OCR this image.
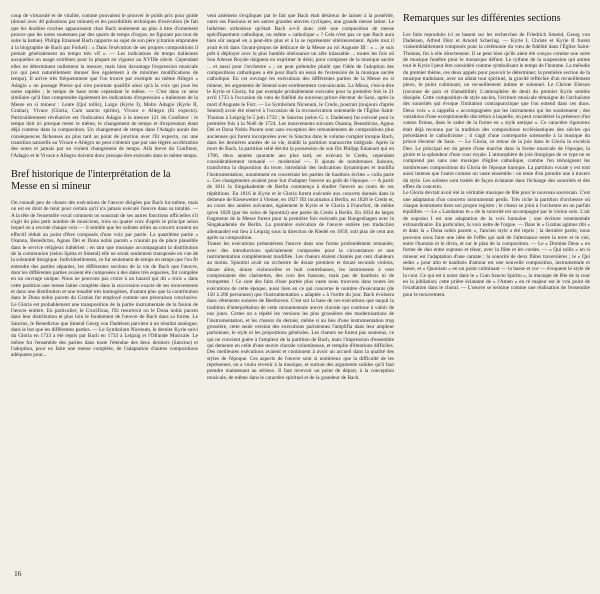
coup de virtuosité et de vitalité, comme pouvaient le prouver le poids prix pour guide (donné avec 40 pulsations par minute) et les possibilités techniques d'exécution (le fait que les doubles croches apparaissent chez Bach seulement au plus à titre d'ornement prouve que les notes soutenues par des quarts de temps d'orgue, ne figurant pas tout de suite la battue). Philipp Emanuel Bach rapporte au sujet de son père (citation empruntée à la biographie de Bach par Forkel) : « Dans l'exécution de ses propres compositions il prenait généralement un tempo très vif ». — Les indications de tempo italiennes auxquelles on usage extrêmes pour la plupart en vigueur au XVIIIe siècle. Cependant elles ne déterminent nullement la mesure, mais bien davantage l'expression musicale (ce qui peut naturellement donner lieu également à de minimes modifications de tempo). Il arrive très fréquemment que l'on trouve par exemple un même Allegro « Adagio » un passage Presto qui n'en pourtant qualifié ainsi qu'à la voix qui joue les notes rapides ; le tempo de base reste cependant le même. — C'est dans ce sens similaire qu'il faut comprendre également les indications d'expression « italiennes de la Messe en si mineur : Lente (Qui tollis), Largo (Kyrie I), Molto Adagio (Kyrie II, Gratias), Vivace (Gloria, Cum sancto spiritu), Vivace e Allegro (Et expecto). Particulièrement révélatrice est l'indication Adagio à la mesure 121 du Confiteor : le tempo doit ici presque rester le même, le changement de tempo et d'expression étant déjà contenu dans la composition. Un changement de tempo dans l'Adagio aurait des conséquences fâcheuses au plus tard au point de jonction avec l'Et expecto, car une transition naturelle au Vivace e Allegro ne peut s'obtenir que par une légère accélération des notes et jamais par un violent changement de tempo. Allà breve du Confiteor, l'Adagio et le Vivace e Allegro doivent donc presque être exécutés dans le même tempo.

Bref historique de l'interprétation de la Messe en si mineur

On connaît peu de choses des exécutions de l'œuvre dirigées par Bach lui-même, mais on est en droit de tenir pour certain qu'il n'a jamais exécuté l'œuvre dans sa totalité. — A la tête de l'ensemble vocal comment on soustrait de ses autres fonctions officielles s'il s'agit du plus petit nombre de musiciens, trois ou quatre voix d'après le principe selon lequel on a recruté chaque voix — il semble que les solistes utiles au concert avaient un effectif réduit au point d'être composés d'une voix par partie. La quatrième partie « Osanna, Benedictus, Agnus Dei et Dona nobis pacem » n'aurait pu de place plausible dans le service religieux luthérien ; en tant que musique accompagnant la distribution de la communion (selon Spitta et Smend) elle ne serait seulement transposée en vue de la solennité liturgique. Individuellement, ce fut seulement de temps en temps que l'on fit entendre des parties séparées, les différentes sections de la vie de Bach que l'œuvre, dont les différentes parties avaient été composées à des dates très espacées, fut compilée en un ouvrage unique. Nous ne pouvons pas croire à un hasard qui dit « trois » dans cette partition une messe latine complète dans la succession exacte de ses mouvements et dans une distribution et une tonalité très homogènes, d'autant plus que la contribution dans le Dona nobis pacem du Gratias fut employé comme une péroraison conclusive. Le Gloria est probablement une transposition de la partie instrumentale de la fusion de l'œuvre entière. En particulier, le Crucifixus, l'Et resurrexit ou le Dona nobis pacem dans leur distribution et plus loin le fondement de l'œuvre de Bach dans sa forme. Le Sanctus, le Benedictus que Smend Georg von Dadelsen parvient à un résultat analogue, dans le but que les différentes parties. — Le Symbolum Nicenum, le dernier Kyrie suivi du Gloria en 1733 a été repris par Bach en 1733 à Leipzig et l'Ofrande Musicale. Le même fut l'ensemble des parties dans toute l'étendue des deux derniers (Sanctus) et l'adoption, pour en faire une messe complète, de l'adaptation d'autres compositions adéquates pour...

vent aisément s'expliquer par le fait que Bach était désireux de laisser à la postérité, outre ses Passions et ses autres grandes œuvres cycliques, une grande messe latine. Le luthérien orthodoxe qu'était Bach a-t-il donc créé une composition de messe spécifiquement catholique, ou même « catholique » ? Cela n'est pas ce que Bach aura bien sûr auquel en a peut-être plus et à la se représenter ultérieurement. Après tout il avait écrit dans l'avant-propos de dédicace de la Messe au roi Auguste III : « ... je suis prêt à déployer avec la plus humble obéissance un zèle inlassable ... toutes les fois où Son Altesse Royale daignera en exprimer le désir, pour composer de la musique sacrée ... et aussi pour l'orchestre » ; on peut prétendre plutôt que l'idée de l'adoption des compositions catholiques a été pour Bach un essai de l'extension de la musique sacrée catholique. En cet ouvrage les exécutions des différentes parties de la Messe en si mineur, les arguments de Smend sont extrêmement convaincants. La Missa, c'est-à-dire le Kyrie et Gloria, fut par exemple probablement exécutée pour la première fois le 21 avril 1733 à l'occasion du vœu de fidélité du nouveau prince électeur de Saxe, après la mort d'Auguste le Fort. — Le Symbolum Nicenum, le Credo, pourrait (toujours d'après Smend) avoir été réservé à l'occasion de la reconsécration solennelle de l'Église Saint-Thomas à Leipzig le 5 juin 1732 ; le Sanctus (selon G. v. Dadelsen) fut exécuté pour la première fois à la Noël de 1724. Les mouvements suivants Osanna, Benedictus, Agnus Dei et Dona Nobis Pacem sont sans exception des remaniements de compositions plus anciennes qui furent incorporées avec le Sanctus dans le volume complet lorsque Bach, dans les dernières années de sa vie, établit la partition manuscrite intégrale. Après la mort de Bach, la partition relié devint la possession de son fils Philipp Emanuel qui en 1786, deux années quarante ans plus tard, en exécuta le Credo, cependant considérablement remanié — modernisé —. Il ajouta de nombreuses liaisons, transforma la disposition du texte, introduisit des indications dynamiques et modifia l'instrumentation, notamment en concertant les parties de hautbois écrites « colla parte ». Ces changements avaient pour but d'adapter l'œuvre au goût de l'époque. — A partir de 1811 la Singakademie de Berlin commença à étudier l'œuvre au cours de ses répétitions. En 1816 le Kyrie et le Gloria furent exécutés aux concerts donnés dans la demeure de Kiesewetter à Vienne, en 1827 l'Et incarnatus à Berlin, en 1828 le Credo et, au cours des années suivantes, également le Kyrie et le Gloria à Francfort, de même qu'en 1828 (par les soins de Spontini) une partie du Credo à Berlin. En 1834 de larges fragments de la Messe furent pour la première fois exécutés par Rungenhagen avec la Singakademie de Berlin. La première exécution de l'œuvre entière (en traduction allemande) eut lieu à Leipzig sous la direction de Riedel en 1859, soit plus de cent ans après sa composition.

Toutes les exécutions présentèrent l'œuvre dans une forme profondément remaniée, avec des introductions spécialement composées pour la circonstance et une instrumentation complètement modifiée. Les chœurs étaient chantés par cent chanteurs au moins. Spontini avait un orchestre de douze premiers et douze seconds violons, douze altos, douze violoncelles et huit contrebasses, les instruments à vent comprenaient des clarinettes, des cors des bassons, mais pas de hautbois ni de trompettes ! Ce sont des faits d'une portée plus vaste nous trouvons dans toutes les exécutions de cette époque, aussi bien en ce qui concerne le nombre d'exécutants (de 150 à 200 personnes) que l'instrumentation « adaptée » à l'ordre du jour. Bach évoluera dans vêtements sonores de Beethoven. C'est sur la base de ces exécutions que naquit la tradition d'interprétation de cette monumentale œuvre chorale qui continue à valoir de nos jours. Certes on a répété les versions les plus grossières des modernisations de l'instrumentation, et les chœurs du dernier, même si au lieu d'une instrumentation trop grossière, cette seule version des exécutions parisiennes l'amplifia dans leur ampleur parisienne, le style et les proportions générales. Les chœurs ne furent pas soutenus, ce qui ne convient guère à l'ampleur de la partition de Bach, mais l'impression d'ensemble qui demeure en celle d'une œuvre chorale volumineuse, et remplie d'émotions difficiles. Des meilleures exécutions avaient et continuent à avoir un accueil dans la qualité des styles de l'époque. Ces aspects de l'œuvre sont si nombreux que la difficulté de les représenter, on a voulu revenir à la musique, et surtout des arguments solides qu'il faut prendre maintenant au sérieux. Il faut recevoir un point de départ, à la conception musicale, de même dans le caractère spirituel et de la grandeur de Bach.

Remarques sur les différentes sections

Les faits reproduits ici se basent sur les recherches de Friedrich Smend, Georg von Dadelsen, Alfred Dürr et Arnold Schering. — Kyrie I, Christe et Kyrie II furent vraisemblablement composés pour la cérémonie du vœu de fidélité dans l'Église Saint-Thomas, fut à elle directement. Il se peut bien qu'ils aient été conçus comme une sorte de musique funèbre pour le monarque défunt. Le rythme de la suspension qui anime tout le Kyrie I peut être considéré comme symbolisant le temps de l'homme. La mélodie du premier thème, ces deux appels pour pouvoir le déterminer; la première section de la musique traduisant, avec un allant tout spirituel, la gravité réfléchie d'un recueillement pieux, le point culminant, un recueillement intime et solennel. Le Christe Eleison (ravonne de paix et d'amabilité). L'atmosphère de deuil du premier Kyrie semble dissipée. Cette composition de style ancien, l'écriture musicale témoigne de l'archaïsme des sonorités qui évoque l'imitation contrapunctique que l'on entend dans ces duos. Deux voix « a cappella » accompagnées par les instruments qui les soutiennent ; des variations d'une exceptionnelle discrétion à laquelle, on peut considérer la présence d'un cantus firmus, dans le cadre de la forme en « style antique ». Ce caractère rigoureux était déjà reconnu par la tradition des compositions ecclésiastiques des siècles qui précédaient le catholicisme ; il s'agit d'une contrepartie solennelle à la musique du prince électeur de Saxe. — Le Gloria, ce retour de la joie dans le Gloria in excelsis Deo. Le principal est du genre d'une marche dans la forme musicale de l'époque, la gloire et la splendeur d'une cour royale. L'atmosphère de joie liturgique de ce type ne se comprend pas sans une musique d'église catholique, comme l'en témoignent les nombreuses compositions du Gloria de l'époque baroque. La partition vocale y est tout aussi intense que l'autre comme un vaste ensemble : on tente d'en prendre une à travers du style. Les solistes sont traités de façon éclatante dans l'échange des sonorités et des effets du concerto.

Le Gloria devrait avoir été la véritable musique de fête pour le nouveau souverain. C'est une adaptation d'un concerto instrumental perdu. Très riche la partition d'orchestre où chaque instrument tient son propre registre ; le chœur se joint à l'orchestre en un parfait équilibre. — Le « Laudamus te » de la sonorité est accompagné par le violon solo. L'air de soprano I est une adaptation de la voix humaine ; une écriture ornementale extraordinaire. En particulier, la voix nette de l'orgue. — Dans le « Gratias agimus tibi » et dans la « Dona nobis pacem », l'ancien style a été repris ; la dernière partie, nous pouvons nous faire une idée de l'effet qui naît de l'alternance entre la terre et le ciel, entre l'humain et le divin, et sur le plan de la composition. — Le « Domine Deus » en forme de duo entre soprano et ténor, avec la flûte et les cordes. — « Qui tollis » en si mineur est l'adaptation d'une cantate ; la sonorité de deux flûtes traversières ; le « Qui sedes » pour alto et hautbois d'amour est une nouvelle composition, instrumentale et basse, et « Quoniam » en un point culminant — la basse et cor — évoquent le style de la cour. Ce qui est à noter dans le « Cum Sancto Spiritu », la musique de fête de la cour en la jubilation; cette prière éclatante de « l'Amen » en ré majeur est le vrai point de l'exaltation dans le choral. — L'œuvre se termine comme une réalisation de l'ensemble pour le mouvement.

16
